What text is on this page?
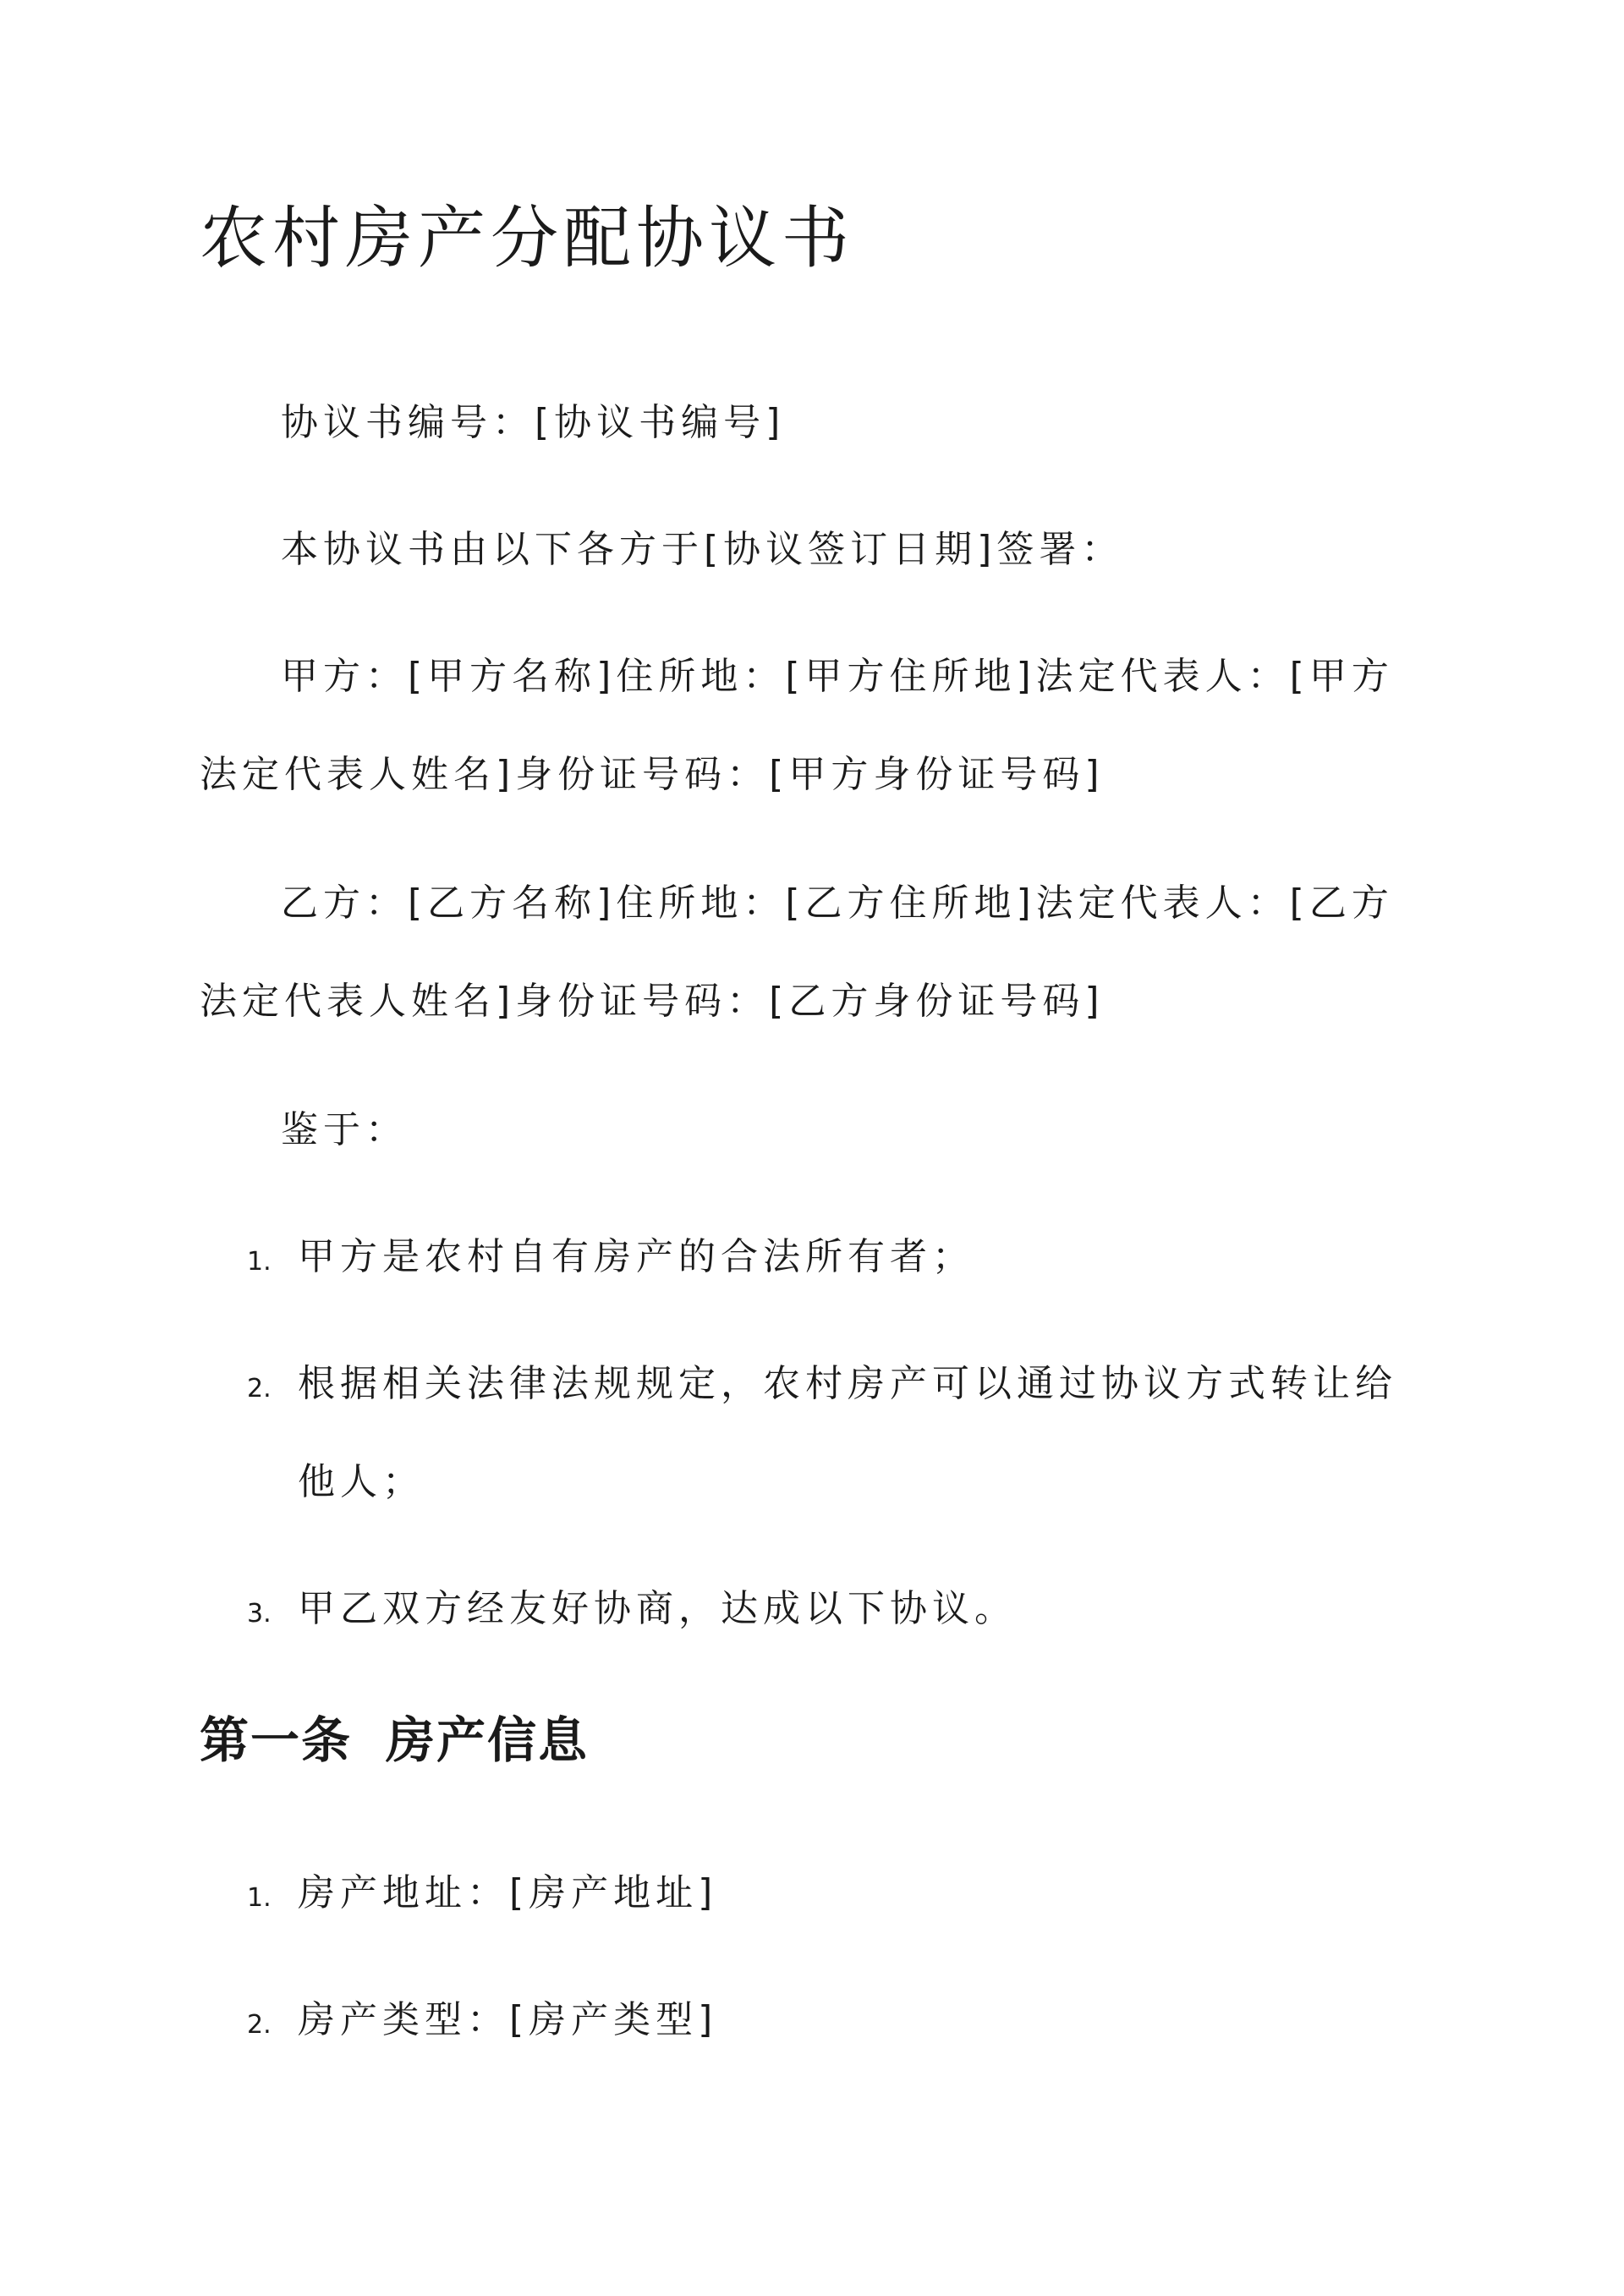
农村房产分配协议书

协议书编号：[协议书编号]

本协议书由以下各方于[协议签订日期]签署：

甲方：[甲方名称]住所地：[甲方住所地]法定代表人：[甲方法定代表人姓名]身份证号码：[甲方身份证号码]

乙方：[乙方名称]住所地：[乙方住所地]法定代表人：[乙方法定代表人姓名]身份证号码：[乙方身份证号码]

鉴于：

1. 甲方是农村自有房产的合法所有者；
2. 根据相关法律法规规定，农村房产可以通过协议方式转让给他人；
3. 甲乙双方经友好协商，达成以下协议。
第一条 房产信息
1. 房产地址：[房产地址]
2. 房产类型：[房产类型]
